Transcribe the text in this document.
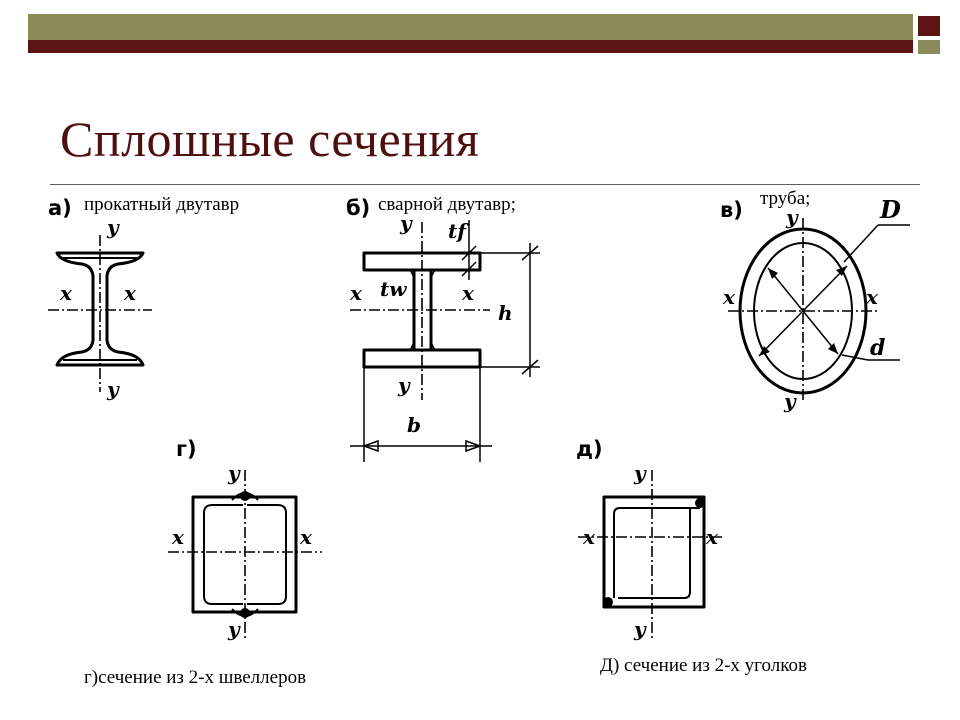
Сплошные сечения
а) прокатный двутавр	б) сварной двутавр;	в) труба;
г)	д)
г)сечение из 2-х швеллеров
Д) сечение из 2-х уголков
y
y
x	x
y
y
x	x
tf
tw
h
b
y
y
x	x
D
d
y
y
x	x
y
y
x	x
